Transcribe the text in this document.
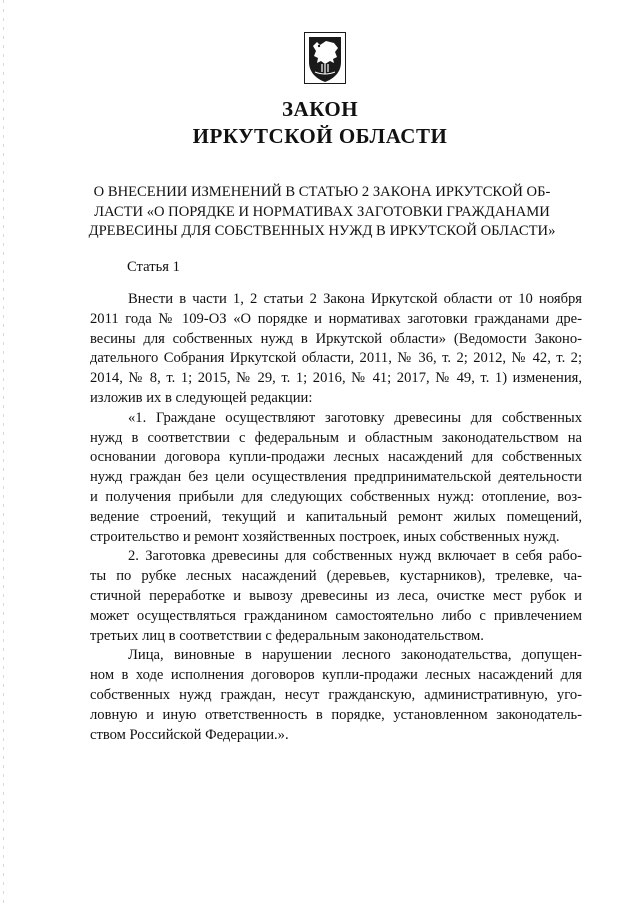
ЗАКОН
ИРКУТСКОЙ ОБЛАСТИ

О ВНЕСЕНИИ ИЗМЕНЕНИЙ В СТАТЬЮ 2 ЗАКОНА ИРКУТСКОЙ ОБ-
ЛАСТИ «О ПОРЯДКЕ И НОРМАТИВАХ ЗАГОТОВКИ ГРАЖДАНАМИ
ДРЕВЕСИНЫ ДЛЯ СОБСТВЕННЫХ НУЖД В ИРКУТСКОЙ ОБЛАСТИ»

Статья 1

Внести в части 1, 2 статьи 2 Закона Иркутской области от 10 ноября
2011 года № 109-ОЗ «О порядке и нормативах заготовки гражданами дре-
весины для собственных нужд в Иркутской области» (Ведомости Законо-
дательного Собрания Иркутской области, 2011, № 36, т. 2; 2012, № 42, т. 2;
2014, № 8, т. 1; 2015, № 29, т. 1; 2016, № 41; 2017, № 49, т. 1) изменения,
изложив их в следующей редакции:

«1. Граждане осуществляют заготовку древесины для собственных
нужд в соответствии с федеральным и областным законодательством на
основании договора купли-продажи лесных насаждений для собственных
нужд граждан без цели осуществления предпринимательской деятельности
и получения прибыли для следующих собственных нужд: отопление, воз-
ведение строений, текущий и капитальный ремонт жилых помещений,
строительство и ремонт хозяйственных построек, иных собственных нужд.

2. Заготовка древесины для собственных нужд включает в себя рабо-
ты по рубке лесных насаждений (деревьев, кустарников), трелевке, ча-
стичной переработке и вывозу древесины из леса, очистке мест рубок и
может осуществляться гражданином самостоятельно либо с привлечением
третьих лиц в соответствии с федеральным законодательством.

Лица, виновные в нарушении лесного законодательства, допущен-
ном в ходе исполнения договоров купли-продажи лесных насаждений для
собственных нужд граждан, несут гражданскую, административную, уго-
ловную и иную ответственность в порядке, установленном законодатель-
ством Российской Федерации.».
